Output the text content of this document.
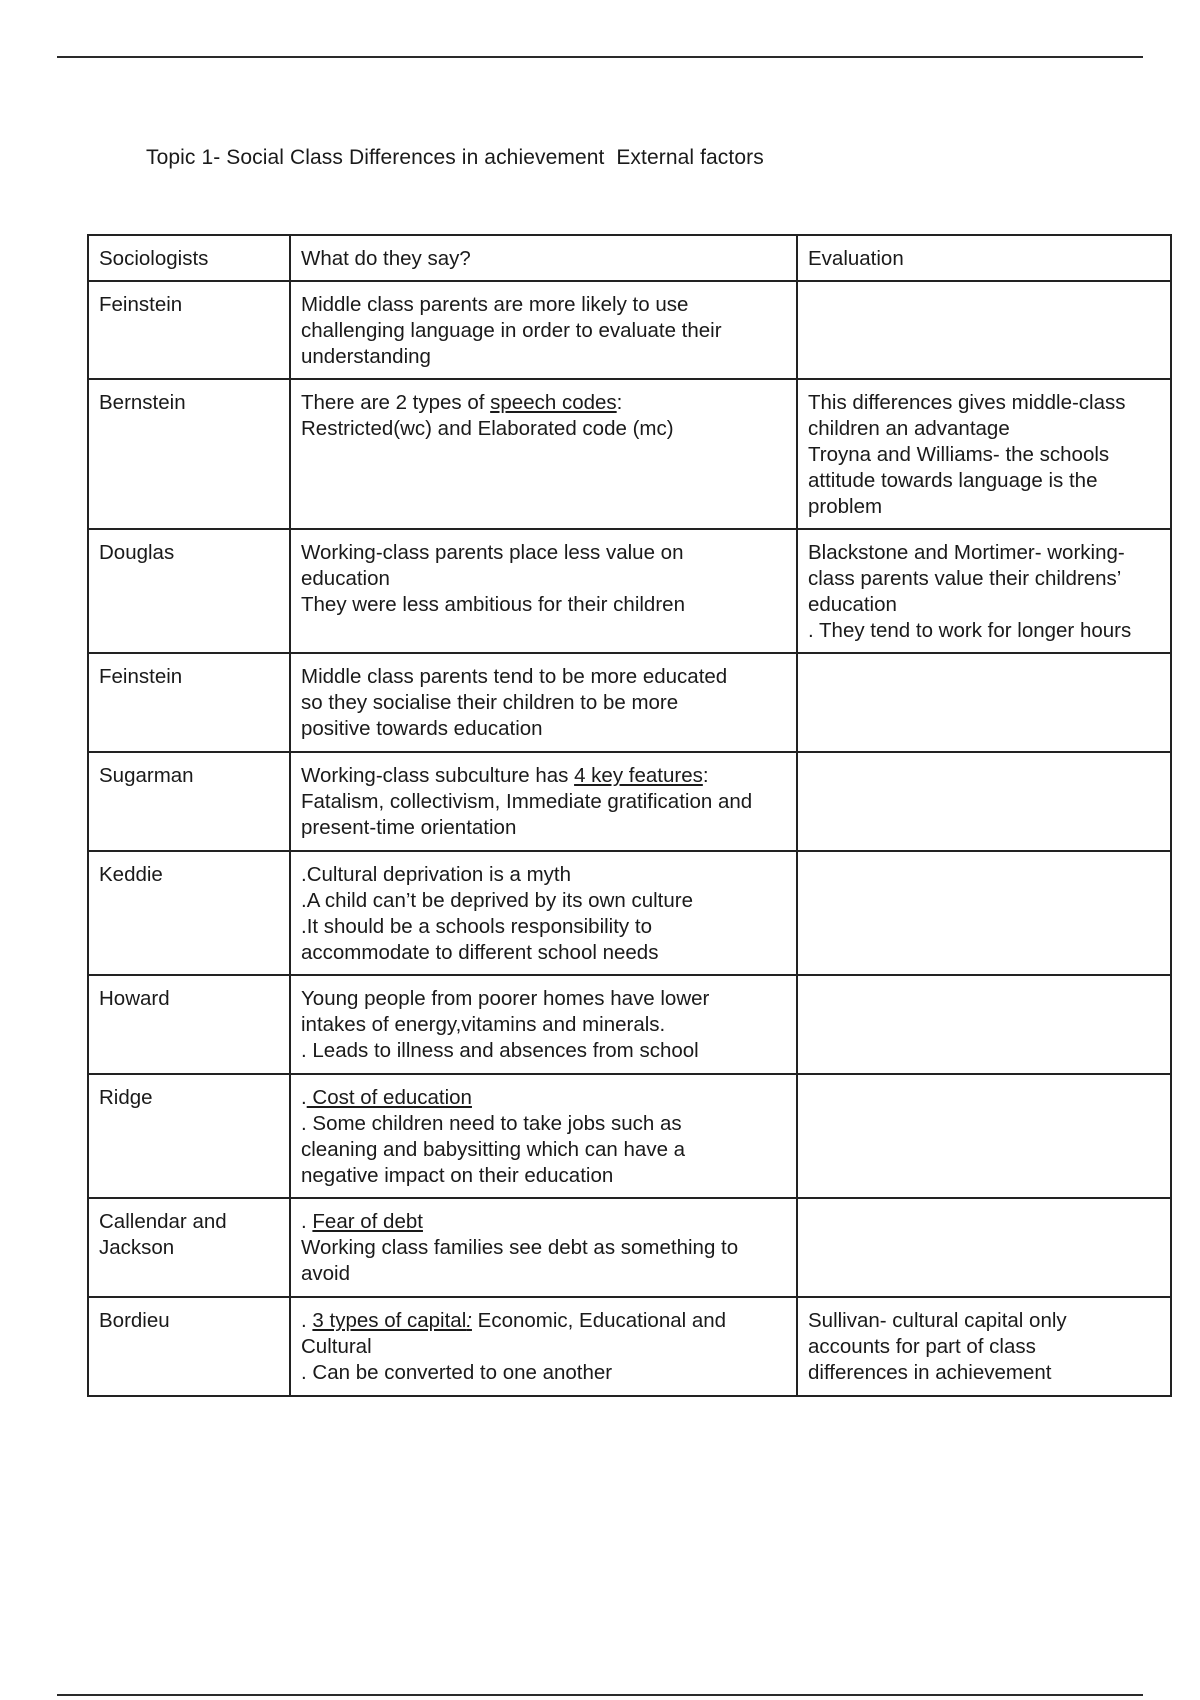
Topic 1- Social Class Differences in achievement  External factors
Sociologists	What do they say?	Evaluation
Feinstein	Middle class parents are more likely to use
challenging language in order to evaluate their
understanding	

Bernstein	There are 2 types of speech codes:
Restricted(wc) and Elaborated code (mc)	This differences gives middle-class
children an advantage
Troyna and Williams- the schools
attitude towards language is the
problem

Douglas	Working-class parents place less value on
education
They were less ambitious for their children	Blackstone and Mortimer- working-
class parents value their childrens’
education
. They tend to work for longer hours

Feinstein	Middle class parents tend to be more educated
so they socialise their children to be more
positive towards education	

Sugarman	Working-class subculture has 4 key features:
Fatalism, collectivism, Immediate gratification and
present-time orientation	

Keddie	.Cultural deprivation is a myth
.A child can’t be deprived by its own culture
.It should be a schools responsibility to
accommodate to different school needs	

Howard	Young people from poorer homes have lower
intakes of energy,vitamins and minerals.
. Leads to illness and absences from school	

Ridge	. Cost of education
. Some children need to take jobs such as
cleaning and babysitting which can have a
negative impact on their education	

Callendar and
Jackson	. Fear of debt
Working class families see debt as something to
avoid	

Bordieu	. 3 types of capital: Economic, Educational and
Cultural
. Can be converted to one another	Sullivan- cultural capital only
accounts for part of class
differences in achievement
